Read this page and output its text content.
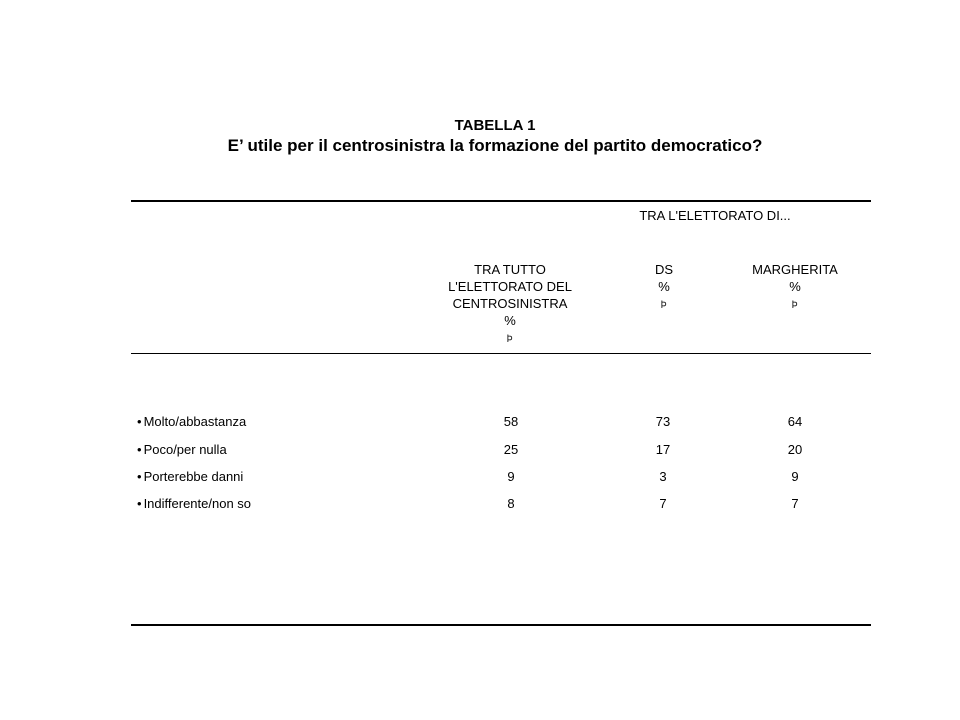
TABELLA 1
E’ utile per il centrosinistra la formazione del partito democratico?
TRA L'ELETTORATO DI...
TRA TUTTO
L'ELETTORATO DEL
CENTROSINISTRA
%
Þ
DS
%
Þ
MARGHERITA
%
Þ
• Molto/abbastanza	58	73	64
• Poco/per nulla	25	17	20
• Porterebbe danni	9	3	9
• Indifferente/non so	8	7	7
